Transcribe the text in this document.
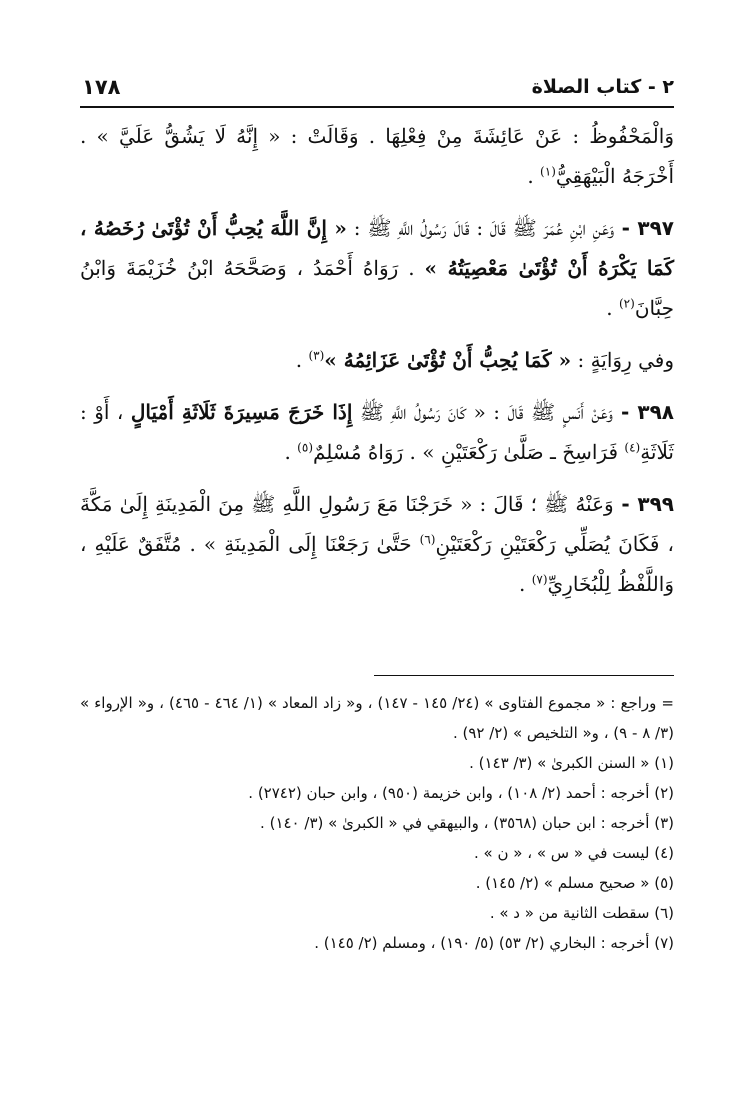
١٧٨	٢ - كتاب الصلاة

وَالْمَحْفُوظُ : عَنْ عَائِشَةَ مِنْ فِعْلِهَا . وَقَالَتْ : « إِنَّهُ لَا يَشُقُّ عَلَيَّ » . أَخْرَجَهُ الْبَيْهَقِيُّ$^{(١)}$ .

٣٩٧ - وَعَنِ ابْنِ عُمَرَ ﷺ قَالَ : قَالَ رَسُولُ اللَّهِ ﷺ : « إِنَّ اللَّهَ يُحِبُّ أَنْ تُؤْتَىٰ رُخَصُهُ ، كَمَا يَكْرَهُ أَنْ تُؤْتَىٰ مَعْصِيَتُهُ » . رَوَاهُ أَحْمَدُ ، وَصَحَّحَهُ ابْنُ خُزَيْمَةَ وَابْنُ حِبَّانَ$^{(٢)}$ .

وفي رِوَايَةٍ : « كَمَا يُحِبُّ أَنْ تُؤْتَىٰ عَزَائِمُهُ »$^{(٣)}$ .

٣٩٨ - وَعَنْ أَنَسٍ ﷺ قَالَ : « كَانَ رَسُولُ اللَّهِ ﷺ إِذَا خَرَجَ مَسِيرَةَ ثَلَاثَةِ أَمْيَالٍ ، أَوْ : ثَلَاثَةِ$^{(٤)}$ فَرَاسِخَ ـ صَلَّىٰ رَكْعَتَيْنِ » . رَوَاهُ مُسْلِمٌ$^{(٥)}$ .

٣٩٩ - وَعَنْهُ ﷺ ؛ قَالَ : « خَرَجْنَا مَعَ رَسُولِ اللَّهِ ﷺ مِنَ الْمَدِينَةِ إِلَىٰ مَكَّةَ ، فَكَانَ يُصَلِّي رَكْعَتَيْنِ رَكْعَتَيْنِ$^{(٦)}$ حَتَّىٰ رَجَعْنَا إِلَى الْمَدِينَةِ » . مُتَّفَقٌ عَلَيْهِ ، وَاللَّفْظُ لِلْبُخَارِيِّ$^{(٧)}$ .

= وراجع : « مجموع الفتاوى » (٢٤/ ١٤٥ - ١٤٧) ، و« زاد المعاد » (١/ ٤٦٤ - ٤٦٥) ، و« الإرواء » (٣/ ٨ - ٩) ، و« التلخيص » (٢/ ٩٢) .

(١) « السنن الكبرىٰ » (٣/ ١٤٣) .

(٢) أخرجه : أحمد (٢/ ١٠٨) ، وابن خزيمة (٩٥٠) ، وابن حبان (٢٧٤٢) .

(٣) أخرجه : ابن حبان (٣٥٦٨) ، والبيهقي في « الكبرىٰ » (٣/ ١٤٠) .

(٤) ليست في « س » ، « ن » .

(٥) « صحيح مسلم » (٢/ ١٤٥) .

(٦) سقطت الثانية من « د » .

(٧) أخرجه : البخاري (٢/ ٥٣) (٥/ ١٩٠) ، ومسلم (٢/ ١٤٥) .
